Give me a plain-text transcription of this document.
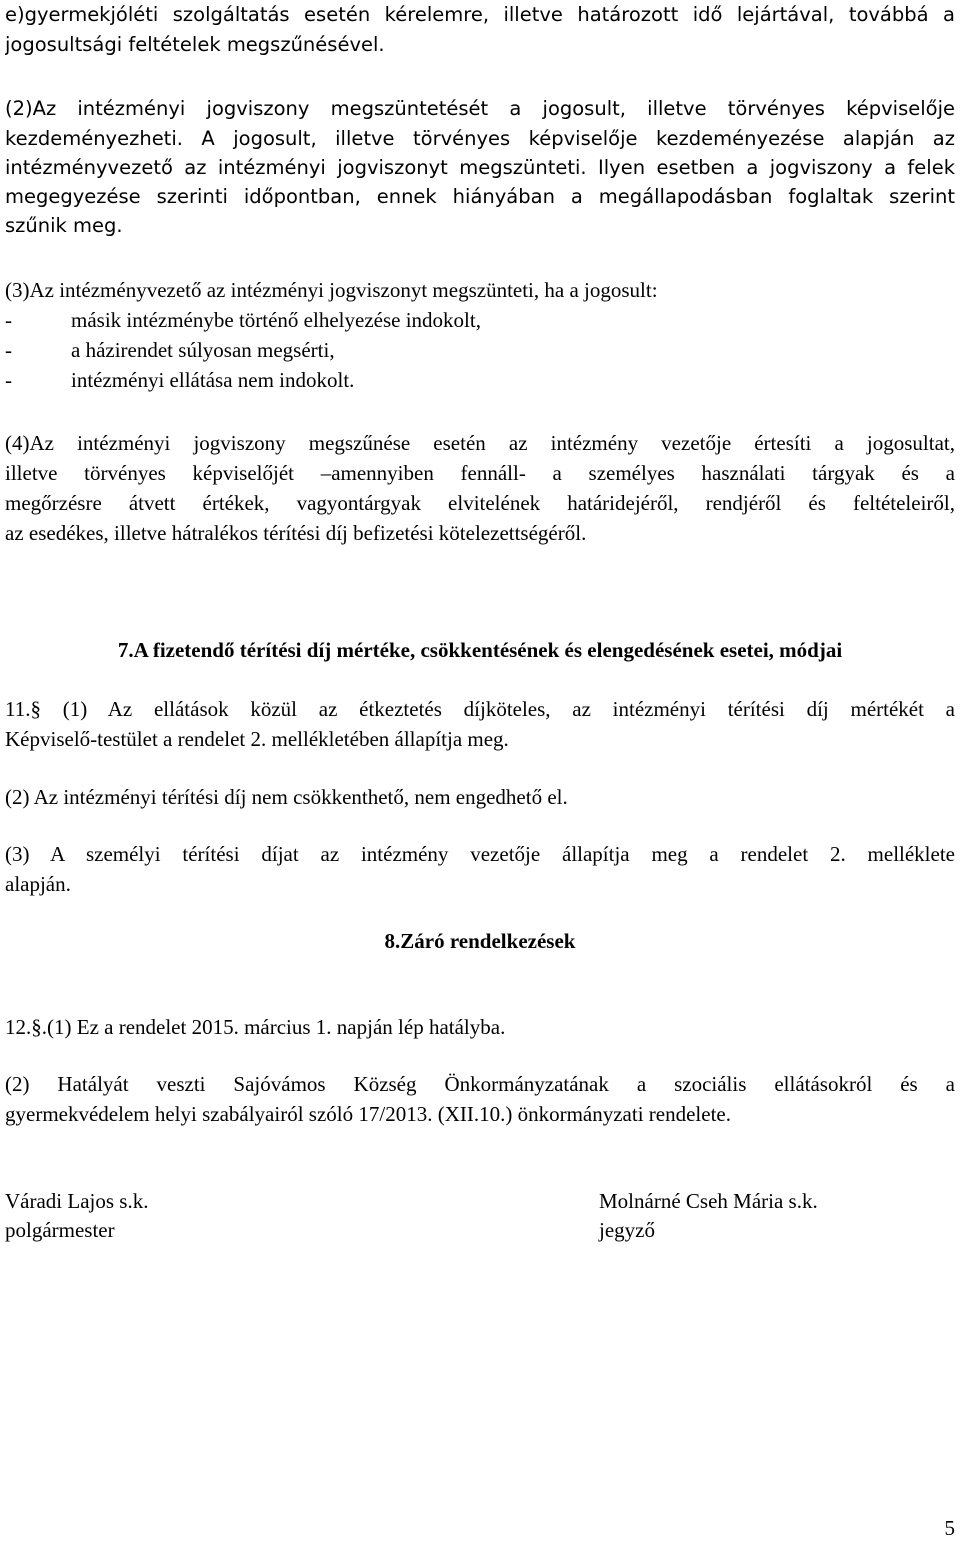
e)gyermekjóléti szolgáltatás esetén kérelemre, illetve határozott idő lejártával, továbbá a
jogosultsági feltételek megszűnésével.
(2)Az intézményi jogviszony megszüntetését a jogosult, illetve törvényes képviselője
kezdeményezheti. A jogosult, illetve törvényes képviselője kezdeményezése alapján az
intézményvezető az intézményi jogviszonyt megszünteti. Ilyen esetben a jogviszony a felek
megegyezése szerinti időpontban, ennek hiányában a megállapodásban foglaltak szerint
szűnik meg.
(3)Az intézményvezető az intézményi jogviszonyt megszünteti, ha a jogosult:
-	másik intézménybe történő elhelyezése indokolt,
-	a házirendet súlyosan megsérti,
-	intézményi ellátása nem indokolt.
(4)Az intézményi jogviszony megszűnése esetén az intézmény vezetője értesíti a jogosultat,
illetve törvényes képviselőjét –amennyiben fennáll- a személyes használati tárgyak és a
megőrzésre átvett értékek, vagyontárgyak elvitelének határidejéről, rendjéről és feltételeiről,
az esedékes, illetve hátralékos térítési díj befizetési kötelezettségéről.
7.A fizetendő térítési díj mértéke, csökkentésének és elengedésének esetei, módjai
11.§ (1) Az ellátások közül az étkeztetés díjköteles, az intézményi térítési díj mértékét a
Képviselő-testület a rendelet 2. mellékletében állapítja meg.
(2) Az intézményi térítési díj nem csökkenthető, nem engedhető el.
(3) A személyi térítési díjat az intézmény vezetője állapítja meg a rendelet 2. melléklete
alapján.
8.Záró rendelkezések
12.§.(1) Ez a rendelet 2015. március 1. napján lép hatályba.
(2) Hatályát veszti Sajóvámos Község Önkormányzatának a szociális ellátásokról és a
gyermekvédelem helyi szabályairól szóló 17/2013. (XII.10.) önkormányzati rendelete.
Váradi Lajos s.k.
polgármester
Molnárné Cseh Mária s.k.
jegyző
5
